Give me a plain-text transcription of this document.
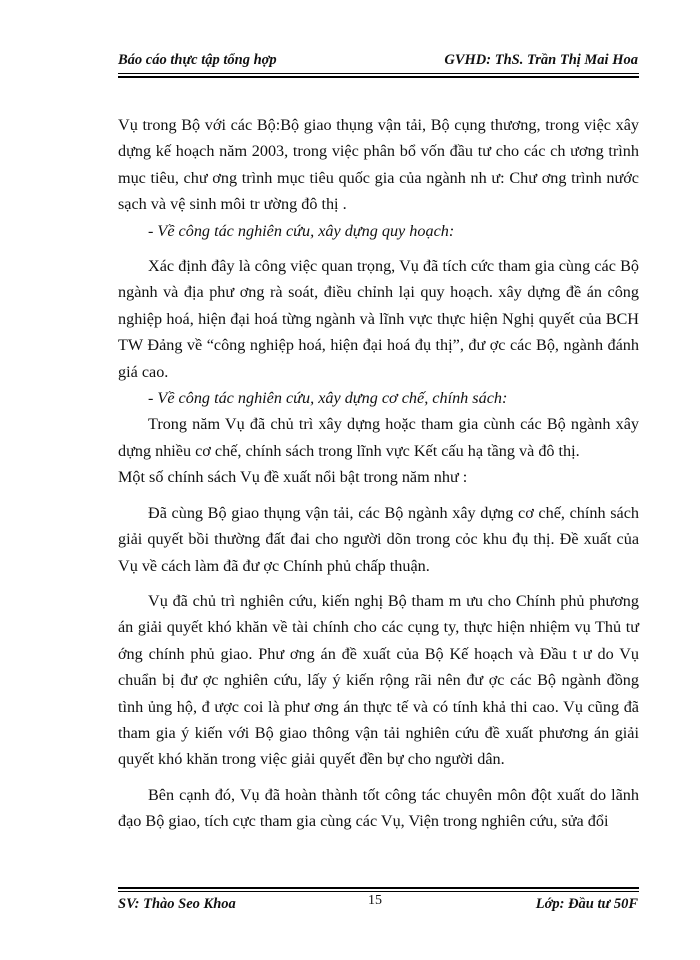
Báo cáo thực tập tổng hợp	GVHD: ThS. Trần Thị Mai Hoa

Vụ trong Bộ với các Bộ:Bộ giao thụng vận tải, Bộ cụng thương, trong việc xây dựng kế hoạch năm 2003, trong việc phân bổ vốn đầu tư cho các ch ương trình mục tiêu, chư ơng trình mục tiêu quốc gia của ngành nh ư: Chư ơng trình nước sạch và vệ sinh môi tr ường đô thị .

- Về công tác nghiên cứu, xây dựng quy hoạch:

Xác định đây là công việc quan trọng, Vụ đã tích cức tham gia cùng các Bộ ngành và địa phư ơng rà soát, điều chỉnh lại quy hoạch. xây dựng đề án công nghiệp hoá, hiện đại hoá từng ngành và lĩnh vực thực hiện Nghị quyết của BCH TW Đảng về “công nghiệp hoá, hiện đại hoá đụ thị”, đư ợc các Bộ, ngành đánh giá cao.

- Về công tác nghiên cứu, xây dựng cơ chế, chính sách:

Trong năm Vụ đã chủ trì xây dựng hoặc tham gia cùnh các Bộ ngành xây dựng nhiều cơ chế, chính sách trong lĩnh vực Kết cấu hạ tầng và đô thị.

Một số chính sách Vụ đề xuất nổi bật trong năm như :

Đã cùng Bộ giao thụng vận tải, các Bộ ngành xây dựng cơ chế, chính sách giải quyết bồi thường đất đai cho người dõn trong cỏc khu đụ thị. Đề xuất của Vụ về cách làm đã đư ợc Chính phủ chấp thuận.

Vụ đã chủ trì nghiên cứu, kiến nghị Bộ tham m ưu cho Chính phủ phương án giải quyết khó khăn về tài chính cho các cụng ty, thực hiện nhiệm vụ Thủ tư ớng chính phủ giao. Phư ơng án đề xuất của Bộ Kế hoạch và Đầu t ư do Vụ chuẩn bị đư ợc nghiên cứu, lấy ý kiến rộng rãi nên đư ợc các Bộ ngành đồng tình ủng hộ, đ ược coi là phư ơng án thực tế và có tính khả thi cao. Vụ cũng đã tham gia ý kiến với Bộ giao thông vận tải nghiên cứu đề xuất phương án giải quyết khó khăn trong việc giải quyết đền bự cho người dân.

Bên cạnh đó, Vụ đã hoàn thành tốt công tác chuyên môn đột xuất do lãnh đạo Bộ giao, tích cực tham gia cùng các Vụ, Viện trong nghiên cứu, sửa đổi

SV: Thào Seo Khoa	15	Lớp: Đầu tư 50F
